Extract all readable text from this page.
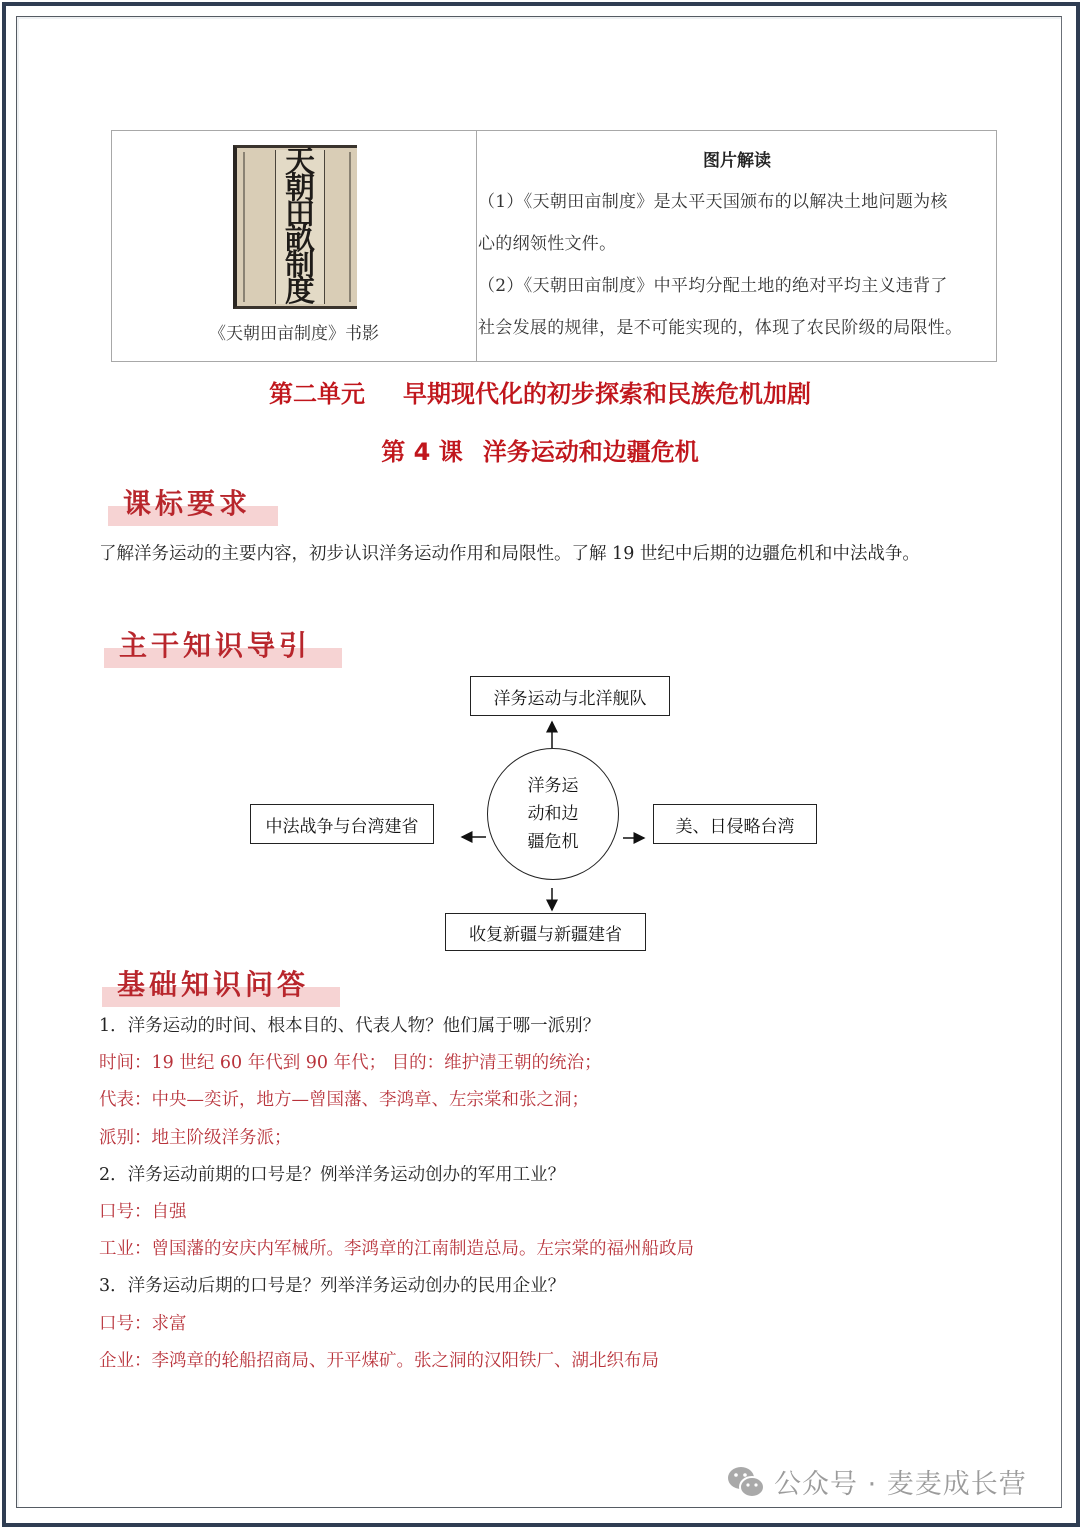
天
朝
田
畝
制
度
《天朝田亩制度》书影
图片解读

（1）《天朝田亩制度》是太平天国颁布的以解决土地问题为核

心的纲领性文件。

（2）《天朝田亩制度》中平均分配土地的绝对平均主义违背了

社会发展的规律，是不可能实现的，体现了农民阶级的局限性。

第二单元 早期现代化的初步探索和民族危机加剧
第 4 课 洋务运动和边疆危机
课标要求
了解洋务运动的主要内容，初步认识洋务运动作用和局限性。了解 19 世纪中后期的边疆危机和中法战争。
主干知识导引
洋务运动与北洋舰队
中法战争与台湾建省	美、日侵略台湾
收复新疆与新疆建省
洋务运
动和边
疆危机
基础知识问答
1．洋务运动的时间、根本目的、代表人物？他们属于哪一派别？
时间：19 世纪 60 年代到 90 年代； 目的：维护清王朝的统治；
代表：中央—奕䜣，地方—曾国藩、李鸿章、左宗棠和张之洞；
派别：地主阶级洋务派；
2．洋务运动前期的口号是？例举洋务运动创办的军用工业？
口号：自强
工业：曾国藩的安庆内军械所。李鸿章的江南制造总局。左宗棠的福州船政局
3．洋务运动后期的口号是？列举洋务运动创办的民用企业？
口号：求富
企业：李鸿章的轮船招商局、开平煤矿。张之洞的汉阳铁厂、湖北织布局
公众号 · 麦麦成长营
